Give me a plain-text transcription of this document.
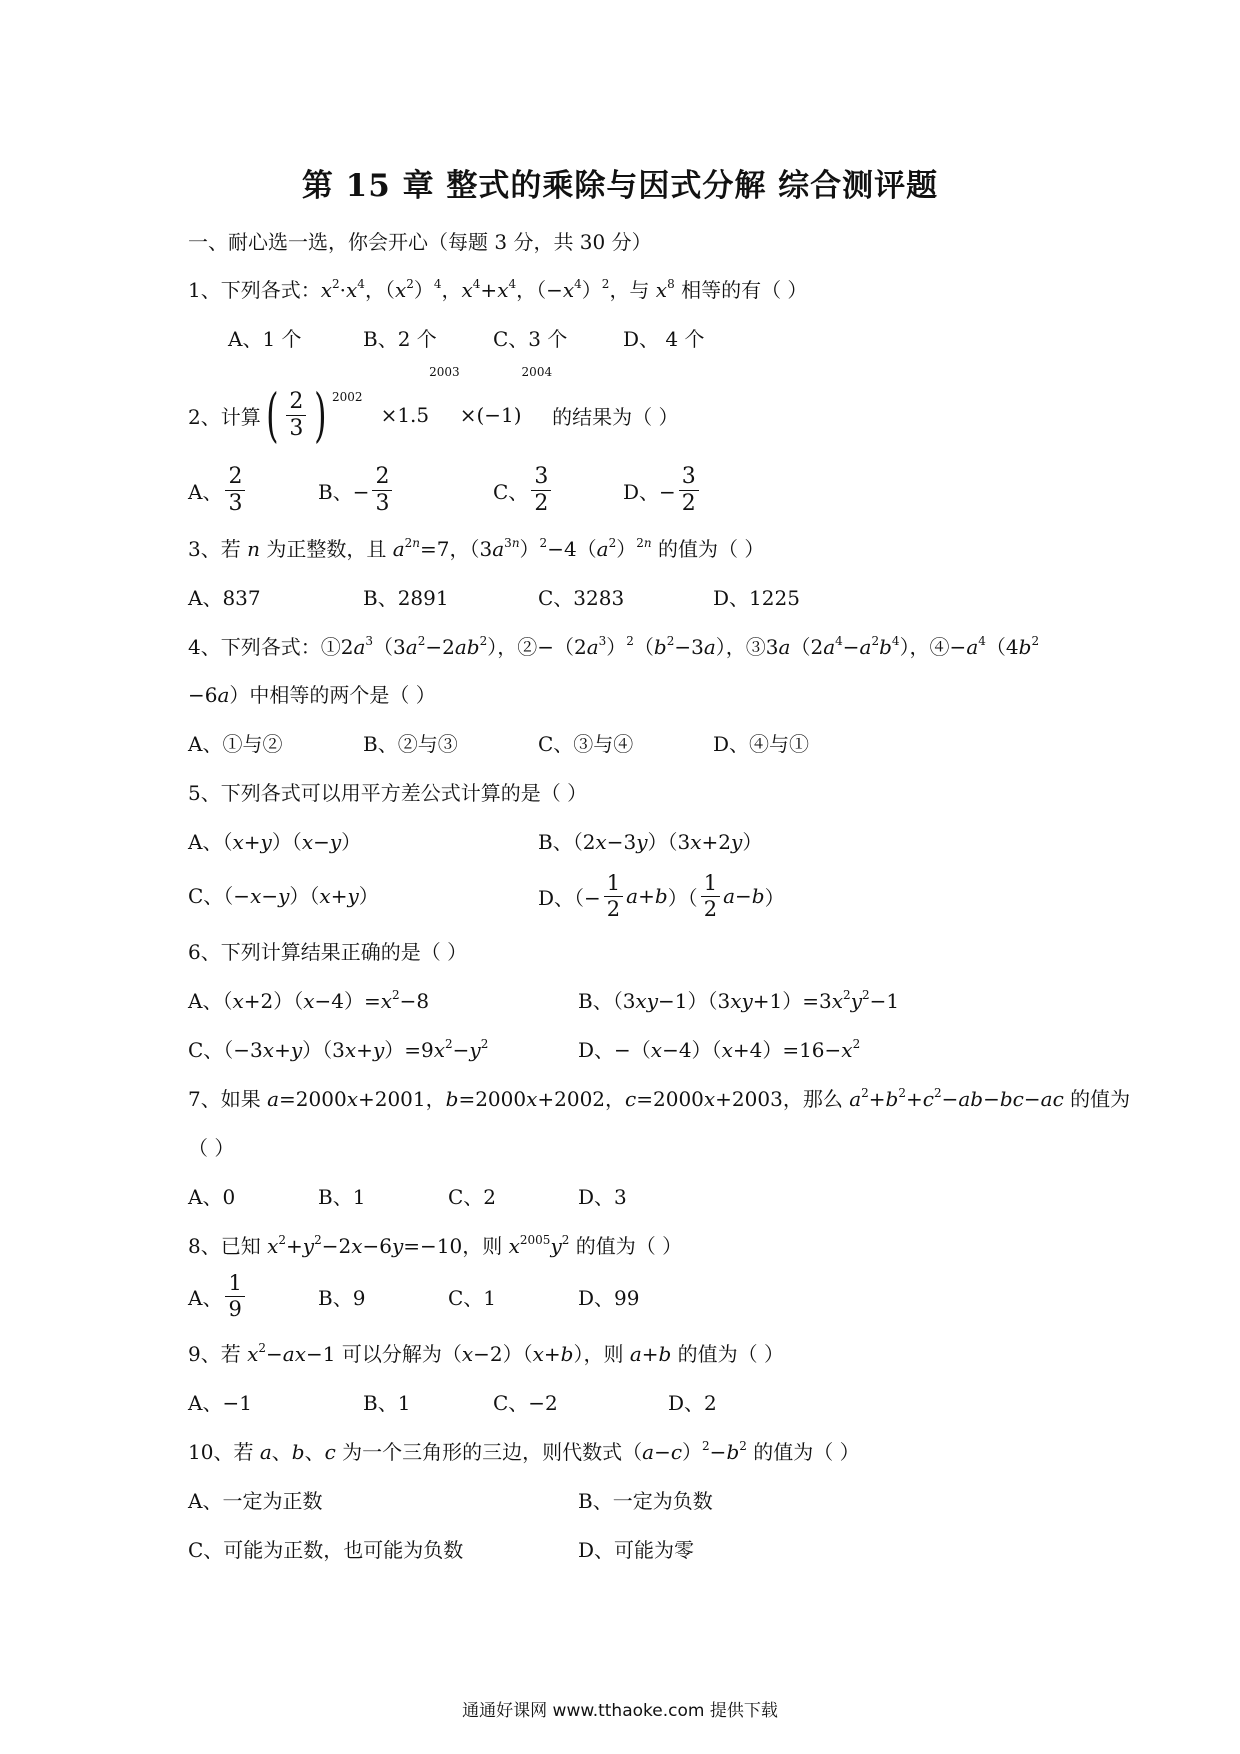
第 15 章 整式的乘除与因式分解 综合测评题
一、耐心选一选，你会开心（每题 3 分，共 30 分）
1、下列各式：$x^2\cdot x^4$，$(x^2)^4$，$x^4+x^4$，$(-x^4)^2$，与 $x^8$ 相等的有（ ）
A、1 个	B、2 个	C、3 个	D、 4 个
2、计算 ( $\frac{2}{3}$ ) 2002
×1.5
2003
×(−1)
2004
的结果为（ ）
A、 $\frac{2}{3}$	B、− $\frac{2}{3}$	C、 $\frac{3}{2}$	D、− $\frac{3}{2}$
3、若 n 为正整数，且 $a^{2n}=7$，$(3a^{3n})^2-4(a^2)^{2n}$ 的值为（ ）
A、837	B、2891	C、3283	D、1225
4、下列各式：$①2a^3(3a^2-2ab^2)$，$②-(2a^3)^2(b^2-3a)$，$③3a(2a^4-a^2b^4)$，$④-a^4(4b^2$
−6a）中相等的两个是（ ）
A、①与②	B、②与③	C、③与④	D、④与①
5、下列各式可以用平方差公式计算的是（ ）
A、（x+y）（x−y）	B、（2x−3y）（3x+2y）
C、（−x−y）（x+y）	D、（− $\frac{1}{2}$ a + b ）（ $\frac{1}{2}$ a − b ）
6、下列计算结果正确的是（ ）
A、$(x+2)(x-4)=x^2-8$	B、$(3xy-1)(3xy+1)=3x^2y^2-1$
C、$(-3x+y)(3x+y)=9x^2-y^2$	D、$-(x-4)(x+4)=16-x^2$
7、如果 a=2000x+2001，b=2000x+2002，c=2000x+2003，那么 $a^2+b^2+c^2-ab-bc-ac$ 的值为
（ ）
A、0	B、1	C、2	D、3
8、已知 $x^2+y^2-2x-6y=-10$，则 $x^{2005}y^2$ 的值为（ ）
A、 $\frac{1}{9}$	B、9	C、1	D、99
9、若 $x^2-ax-1$ 可以分解为（x−2）（x+b），则 a+b 的值为（ ）
A、−1	B、1	C、−2	D、2
10、若 a、b、c 为一个三角形的三边，则代数式$(a-c)^2-b^2$ 的值为（ ）
A、一定为正数	B、一定为负数
C、可能为正数，也可能为负数	D、可能为零
通通好课网 www.tthaoke.com 提供下载
